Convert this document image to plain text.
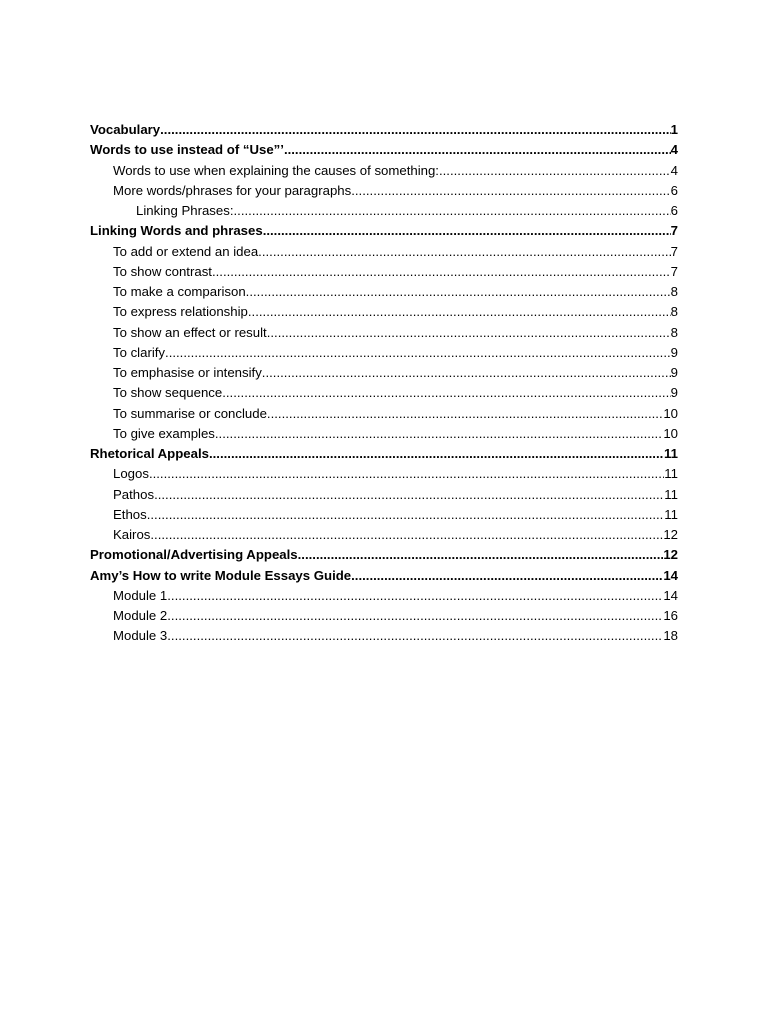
Vocabulary .....	1
Words to use instead of “Use”’ .....	4
Words to use when explaining the causes of something: .....	4
More words/phrases for your paragraphs .....	6
Linking Phrases: .....	6
Linking Words and phrases .....	7
To add or extend an idea .....	7
To show contrast .....	7
To make a comparison .....	8
To express relationship .....	8
To show an effect or result .....	8
To clarify .....	9
To emphasise or intensify .....	9
To show sequence .....	9
To summarise or conclude .....	10
To give examples .....	10
Rhetorical Appeals .....	11
Logos .....	11
Pathos .....	11
Ethos .....	11
Kairos .....	12
Promotional/Advertising Appeals .....	12
Amy’s How to write Module Essays Guide .....	14
Module 1 .....	14
Module 2 .....	16
Module 3 .....	18
